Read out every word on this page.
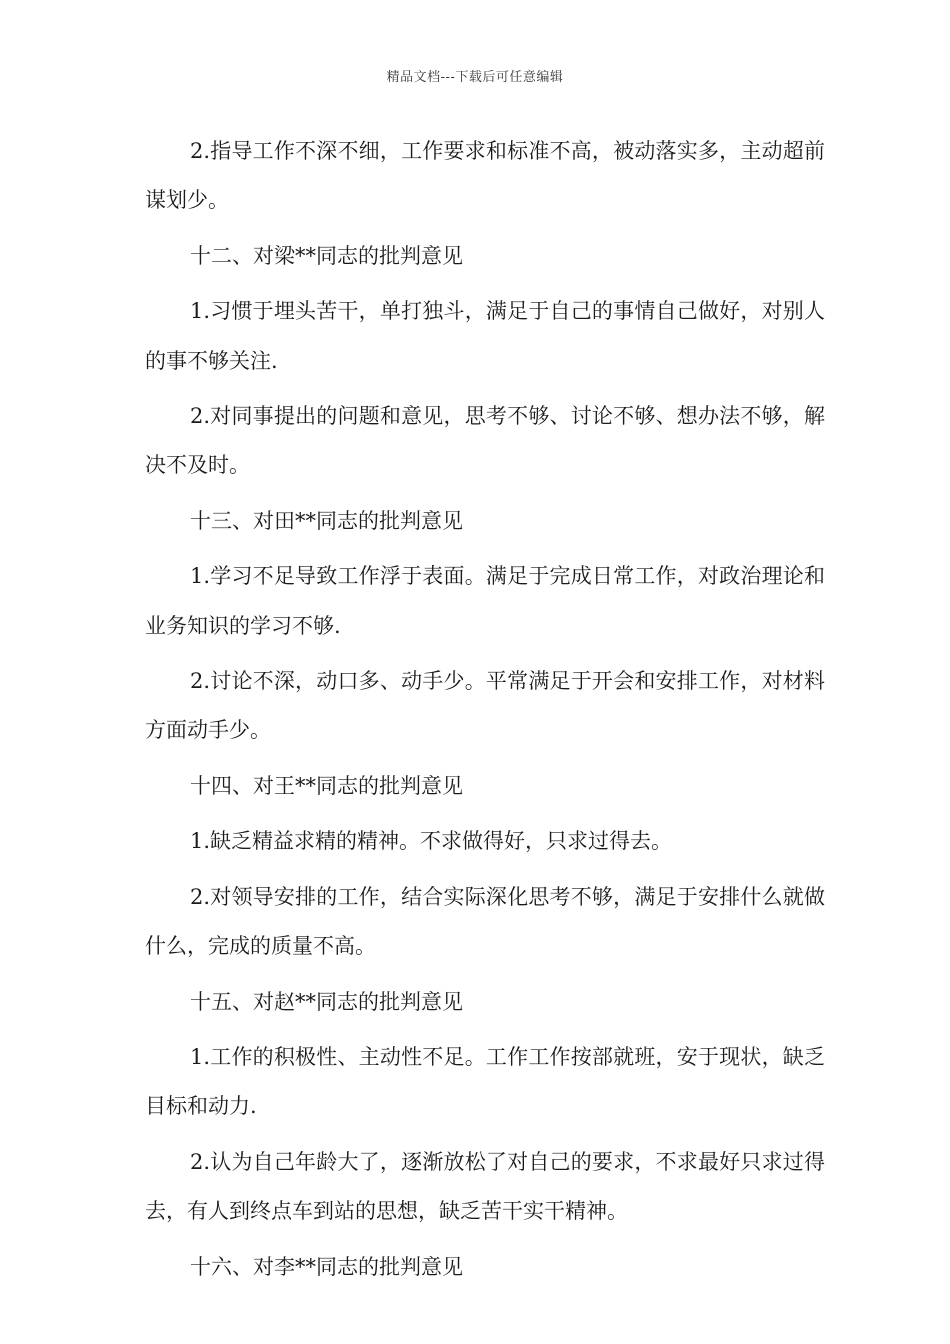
精品文档---下载后可任意编辑

2.指导工作不深不细，工作要求和标准不高，被动落实多，主动超前谋划少。

十二、对梁**同志的批判意见

1.习惯于埋头苦干，单打独斗，满足于自己的事情自己做好，对别人的事不够关注.

2.对同事提出的问题和意见，思考不够、讨论不够、想办法不够，解决不及时。

十三、对田**同志的批判意见

1.学习不足导致工作浮于表面。满足于完成日常工作，对政治理论和业务知识的学习不够.

2.讨论不深，动口多、动手少。平常满足于开会和安排工作，对材料方面动手少。

十四、对王**同志的批判意见

1.缺乏精益求精的精神。不求做得好，只求过得去。

2.对领导安排的工作，结合实际深化思考不够，满足于安排什么就做什么，完成的质量不高。

十五、对赵**同志的批判意见

1.工作的积极性、主动性不足。工作工作按部就班，安于现状，缺乏目标和动力.

2.认为自己年龄大了，逐渐放松了对自己的要求，不求最好只求过得去，有人到终点车到站的思想，缺乏苦干实干精神。

十六、对李**同志的批判意见
